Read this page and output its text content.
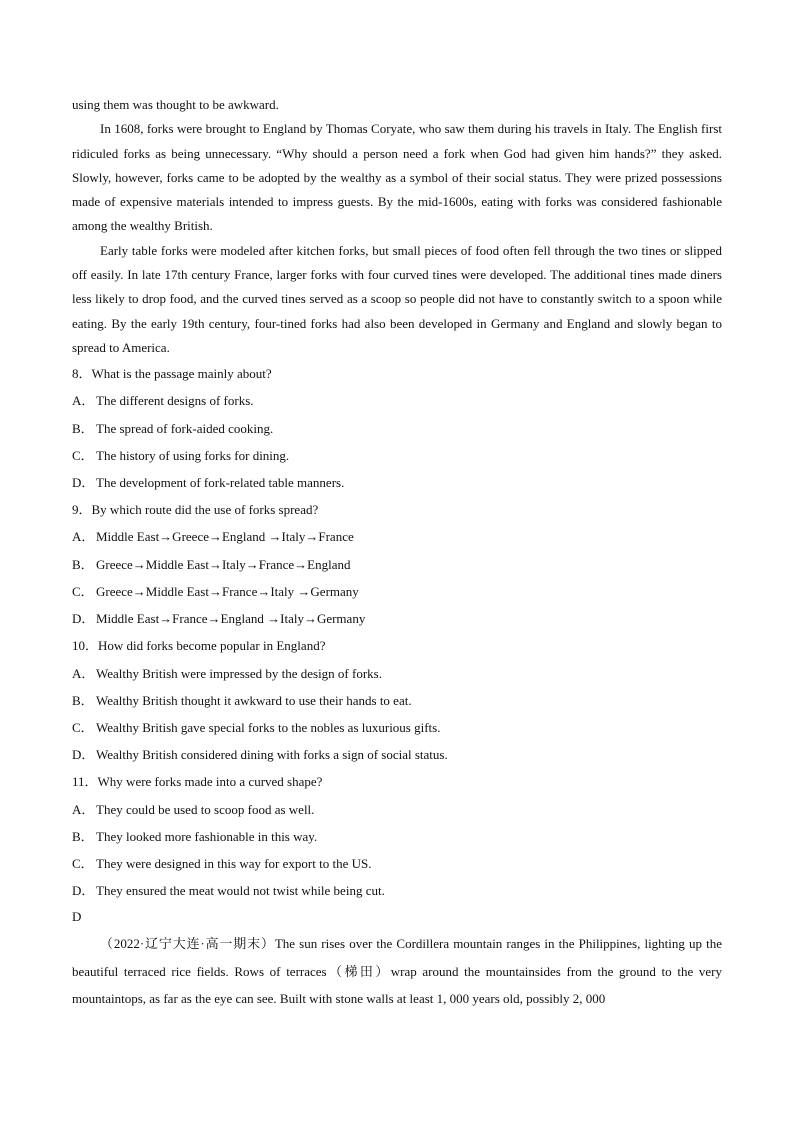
using them was thought to be awkward.

In 1608, forks were brought to England by Thomas Coryate, who saw them during his travels in Italy. The English first ridiculed forks as being unnecessary. “Why should a person need a fork when God had given him hands?” they asked. Slowly, however, forks came to be adopted by the wealthy as a symbol of their social status. They were prized possessions made of expensive materials intended to impress guests. By the mid-1600s, eating with forks was considered fashionable among the wealthy British.

Early table forks were modeled after kitchen forks, but small pieces of food often fell through the two tines or slipped off easily. In late 17th century France, larger forks with four curved tines were developed. The additional tines made diners less likely to drop food, and the curved tines served as a scoop so people did not have to constantly switch to a spoon while eating. By the early 19th century, four-tined forks had also been developed in Germany and England and slowly began to spread to America.

8．What is the passage mainly about?

A． The different designs of forks.

B． The spread of fork-aided cooking.

C． The history of using forks for dining.

D． The development of fork-related table manners.

9．By which route did the use of forks spread?

A． Middle East→Greece→England →Italy→France

B． Greece→Middle East→Italy→France→England

C． Greece→Middle East→France→Italy →Germany

D． Middle East→France→England →Italy→Germany

10．How did forks become popular in England?

A． Wealthy British were impressed by the design of forks.

B． Wealthy British thought it awkward to use their hands to eat.

C． Wealthy British gave special forks to the nobles as luxurious gifts.

D． Wealthy British considered dining with forks a sign of social status.

11．Why were forks made into a curved shape?

A． They could be used to scoop food as well.

B． They looked more fashionable in this way.

C． They were designed in this way for export to the US.

D． They ensured the meat would not twist while being cut.

D

（2022·辽宁大连·高一期末）The sun rises over the Cordillera mountain ranges in the Philippines, lighting up the beautiful terraced rice fields. Rows of terraces（梯田）wrap around the mountainsides from the ground to the very mountaintops, as far as the eye can see. Built with stone walls at least 1, 000 years old, possibly 2, 000
